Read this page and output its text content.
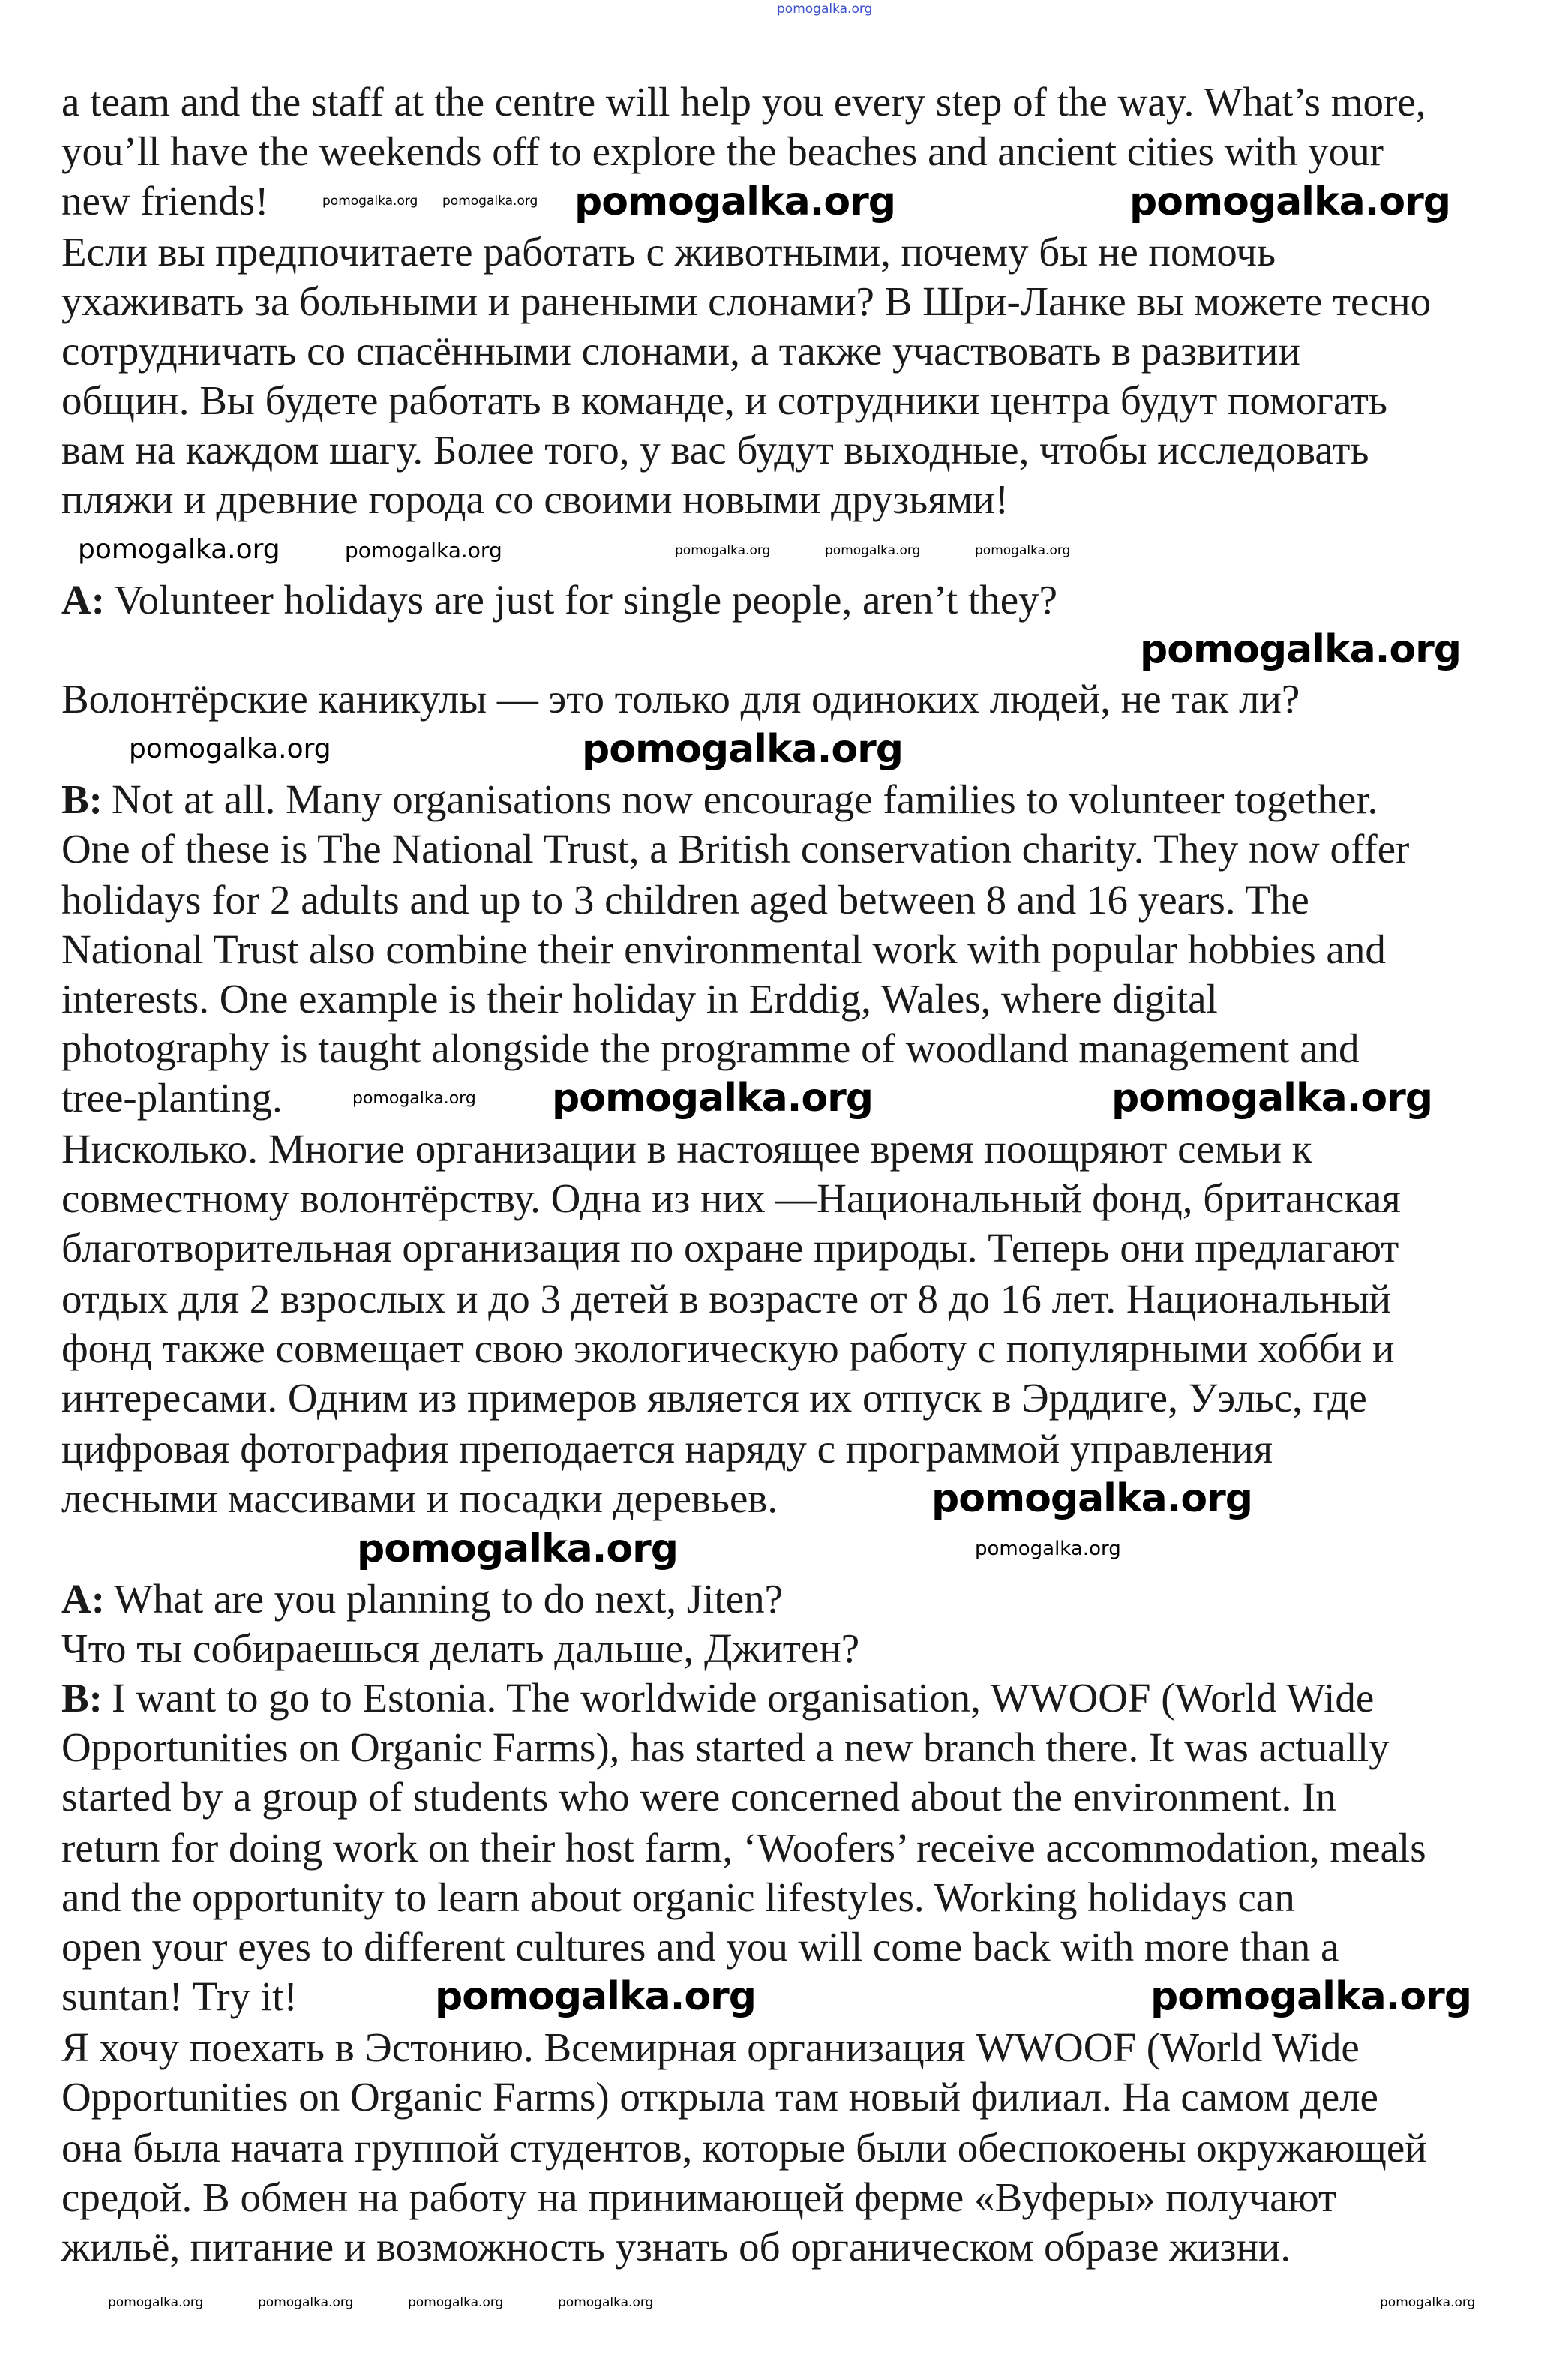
pomogalka.org
a team and the staff at the centre will help you every step of the way. What’s more,
you’ll have the weekends off to explore the beaches and ancient cities with your
new friends!
Если вы предпочитаете работать с животными, почему бы не помочь
ухаживать за больными и ранеными слонами? В Шри-Ланке вы можете тесно
сотрудничать со спасёнными слонами, а также участвовать в развитии
общин. Вы будете работать в команде, и сотрудники центра будут помогать
вам на каждом шагу. Более того, у вас будут выходные, чтобы исследовать
пляжи и древние города со своими новыми друзьями!
A: Volunteer holidays are just for single people, aren’t they?
Волонтёрские каникулы — это только для одиноких людей, не так ли?
B: Not at all. Many organisations now encourage families to volunteer together.
One of these is The National Trust, a British conservation charity. They now offer
holidays for 2 adults and up to 3 children aged between 8 and 16 years. The
National Trust also combine their environmental work with popular hobbies and
interests. One example is their holiday in Erddig, Wales, where digital
photography is taught alongside the programme of woodland management and
tree-planting.
Нисколько. Многие организации в настоящее время поощряют семьи к
совместному волонтёрству. Одна из них —Национальный фонд, британская
благотворительная организация по охране природы. Теперь они предлагают
отдых для 2 взрослых и до 3 детей в возрасте от 8 до 16 лет. Национальный
фонд также совмещает свою экологическую работу с популярными хобби и
интересами. Одним из примеров является их отпуск в Эрддиге, Уэльс, где
цифровая фотография преподается наряду с программой управления
лесными массивами и посадки деревьев.
A: What are you planning to do next, Jiten?
Что ты собираешься делать дальше, Джитен?
B: I want to go to Estonia. The worldwide organisation, WWOOF (World Wide
Opportunities on Organic Farms), has started a new branch there. It was actually
started by a group of students who were concerned about the environment. In
return for doing work on their host farm, ‘Woofers’ receive accommodation, meals
and the opportunity to learn about organic lifestyles. Working holidays can
open your eyes to different cultures and you will come back with more than a
suntan! Try it!
Я хочу поехать в Эстонию. Всемирная организация WWOOF (World Wide
Opportunities on Organic Farms) открыла там новый филиал. На самом деле
она была начата группой студентов, которые были обеспокоены окружающей
средой. В обмен на работу на принимающей ферме «Вуферы» получают
жильё, питание и возможность узнать об органическом образе жизни.
pomogalka.org pomogalka.org pomogalka.org	pomogalka.org
pomogalka.org	pomogalka.org	pomogalka.org	pomogalka.org	pomogalka.org
pomogalka.org
pomogalka.org	pomogalka.org
pomogalka.org pomogalka.org	pomogalka.org
pomogalka.org
pomogalka.org	pomogalka.org
pomogalka.org	pomogalka.org
pomogalka.org	pomogalka.org	pomogalka.org	pomogalka.org	pomogalka.org
